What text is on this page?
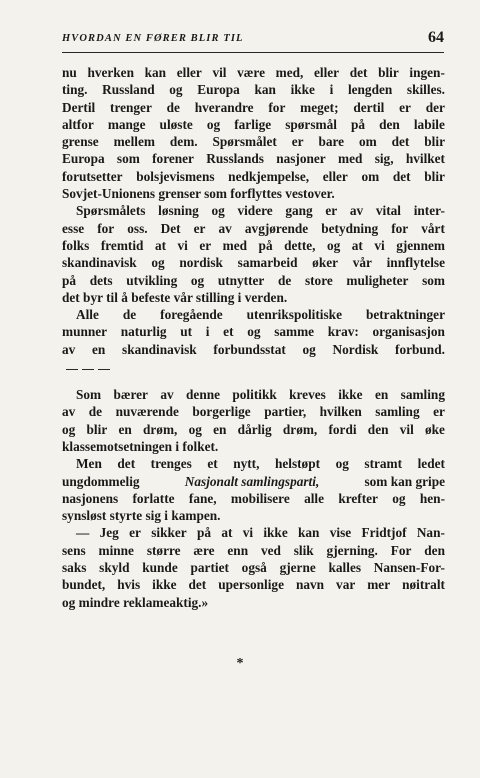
HVORDAN EN FØRER BLIR TIL	64
nu hverken kan eller vil være med, eller det blir ingen-
ting. Russland og Europa kan ikke i lengden skilles.
Dertil trenger de hverandre for meget; dertil er der
altfor mange uløste og farlige spørsmål på den labile
grense mellem dem. Spørsmålet er bare om det blir
Europa som forener Russlands nasjoner med sig, hvilket
forutsetter bolsjevismens nedkjempelse, eller om det blir
Sovjet-Unionens grenser som forflyttes vestover.
Spørsmålets løsning og videre gang er av vital inter-
esse for oss. Det er av avgjørende betydning for vårt
folks fremtid at vi er med på dette, og at vi gjennem
skandinavisk og nordisk samarbeid øker vår innflytelse
på dets utvikling og utnytter de store muligheter som
det byr til å befeste vår stilling i verden.
Alle de foregående utenrikspolitiske betraktninger
munner naturlig ut i et og samme krav: organisasjon
av en skandinavisk forbundsstat og Nordisk forbund.
Som bærer av denne politikk kreves ikke en samling
av de nuværende borgerlige partier, hvilken samling er
og blir en drøm, og en dårlig drøm, fordi den vil øke
klassemotsetningen i folket.
Men det trenges et nytt, helstøpt og stramt ledet
ungdommelig	Nasjonalt samlingsparti,	som kan gripe
nasjonens forlatte fane, mobilisere alle krefter og hen-
synsløst styrte sig i kampen.
— Jeg er sikker på at vi ikke kan vise Fridtjof Nan-
sens minne større ære enn ved slik gjerning. For den
saks skyld kunde partiet også gjerne kalles Nansen-For-
bundet, hvis ikke det upersonlige navn var mer nøitralt
og mindre reklameaktig.»
*
